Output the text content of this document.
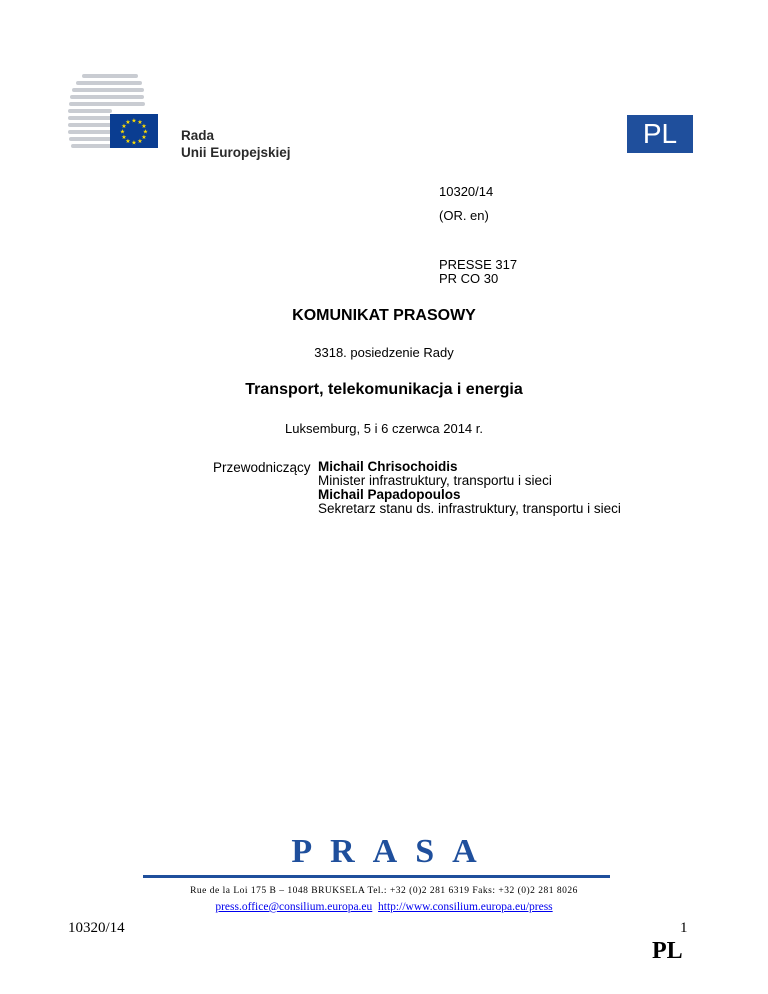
★ ★
★
★
★
★
★
★
★
★
★
★
Rada
Unii Europejskiej
PL
10320/14
(OR. en)
PRESSE 317
PR CO 30
KOMUNIKAT PRASOWY
3318. posiedzenie Rady
Transport, telekomunikacja i energia
Luksemburg, 5 i 6 czerwca 2014 r.
Przewodniczący Michail Chrisochoidis
Minister infrastruktury, transportu i sieci
Michail Papadopoulos
Sekretarz stanu ds. infrastruktury, transportu i sieci
PRASA
Rue de la Loi 175 B – 1048 BRUKSELA Tel.: +32 (0)2 281 6319 Faks: +32 (0)2 281 8026
press.office@consilium.europa.eu http://www.consilium.europa.eu/press
10320/14	1
PL
